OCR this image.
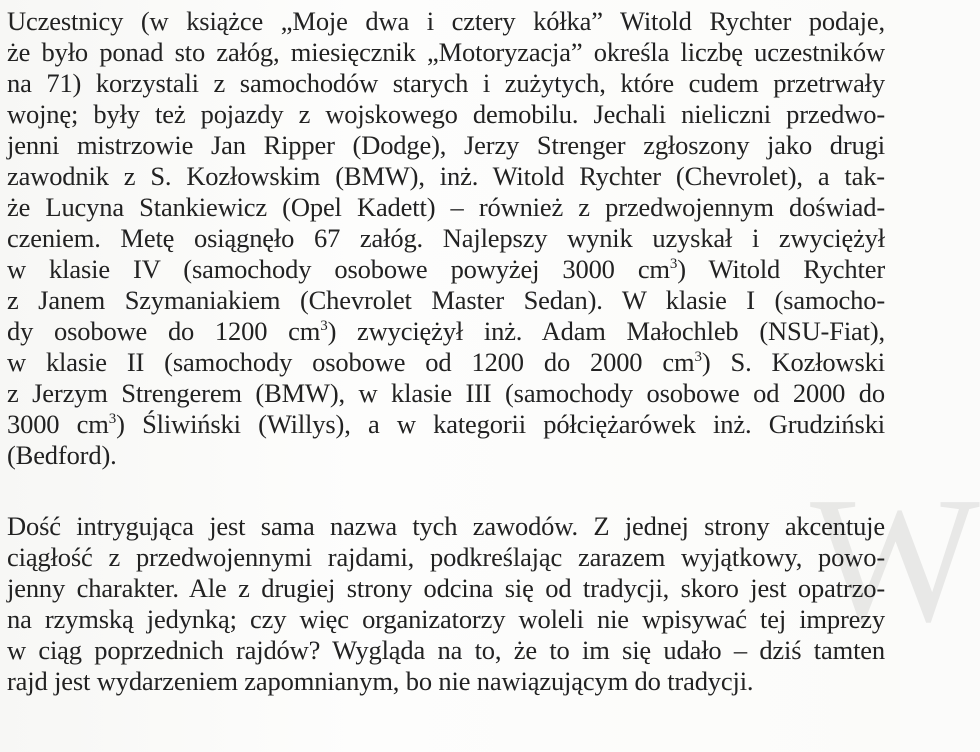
W
Uczestnicy (w książce „Moje dwa i cztery kółka” Witold Rychter podaje,
że było ponad sto załóg, miesięcznik „Motoryzacja” określa liczbę uczestników
na 71) korzystali z samochodów starych i zużytych, które cudem przetrwały
wojnę; były też pojazdy z wojskowego demobilu. Jechali nieliczni przedwo-
jenni mistrzowie Jan Ripper (Dodge), Jerzy Strenger zgłoszony jako drugi
zawodnik z S. Kozłowskim (BMW), inż. Witold Rychter (Chevrolet), a tak-
że Lucyna Stankiewicz (Opel Kadett) – również z przedwojennym doświad-
czeniem. Metę osiągnęło 67 załóg. Najlepszy wynik uzyskał i zwyciężył
w klasie IV (samochody osobowe powyżej 3000 $cm^3$) Witold Rychter
z Janem Szymaniakiem (Chevrolet Master Sedan). W klasie I (samocho-
dy osobowe do 1200 $cm^3$) zwyciężył inż. Adam Małochleb (NSU-Fiat),
w klasie II (samochody osobowe od 1200 do 2000 $cm^3$) S. Kozłowski
z Jerzym Strengerem (BMW), w klasie III (samochody osobowe od 2000 do
3000 $cm^3$) Śliwiński (Willys), a w kategorii półciężarówek inż. Grudziński
(Bedford).
Dość intrygująca jest sama nazwa tych zawodów. Z jednej strony akcentuje
ciągłość z przedwojennymi rajdami, podkreślając zarazem wyjątkowy, powo-
jenny charakter. Ale z drugiej strony odcina się od tradycji, skoro jest opatrzo-
na rzymską jedynką; czy więc organizatorzy woleli nie wpisywać tej imprezy
w ciąg poprzednich rajdów? Wygląda na to, że to im się udało – dziś tamten
rajd jest wydarzeniem zapomnianym, bo nie nawiązującym do tradycji.
